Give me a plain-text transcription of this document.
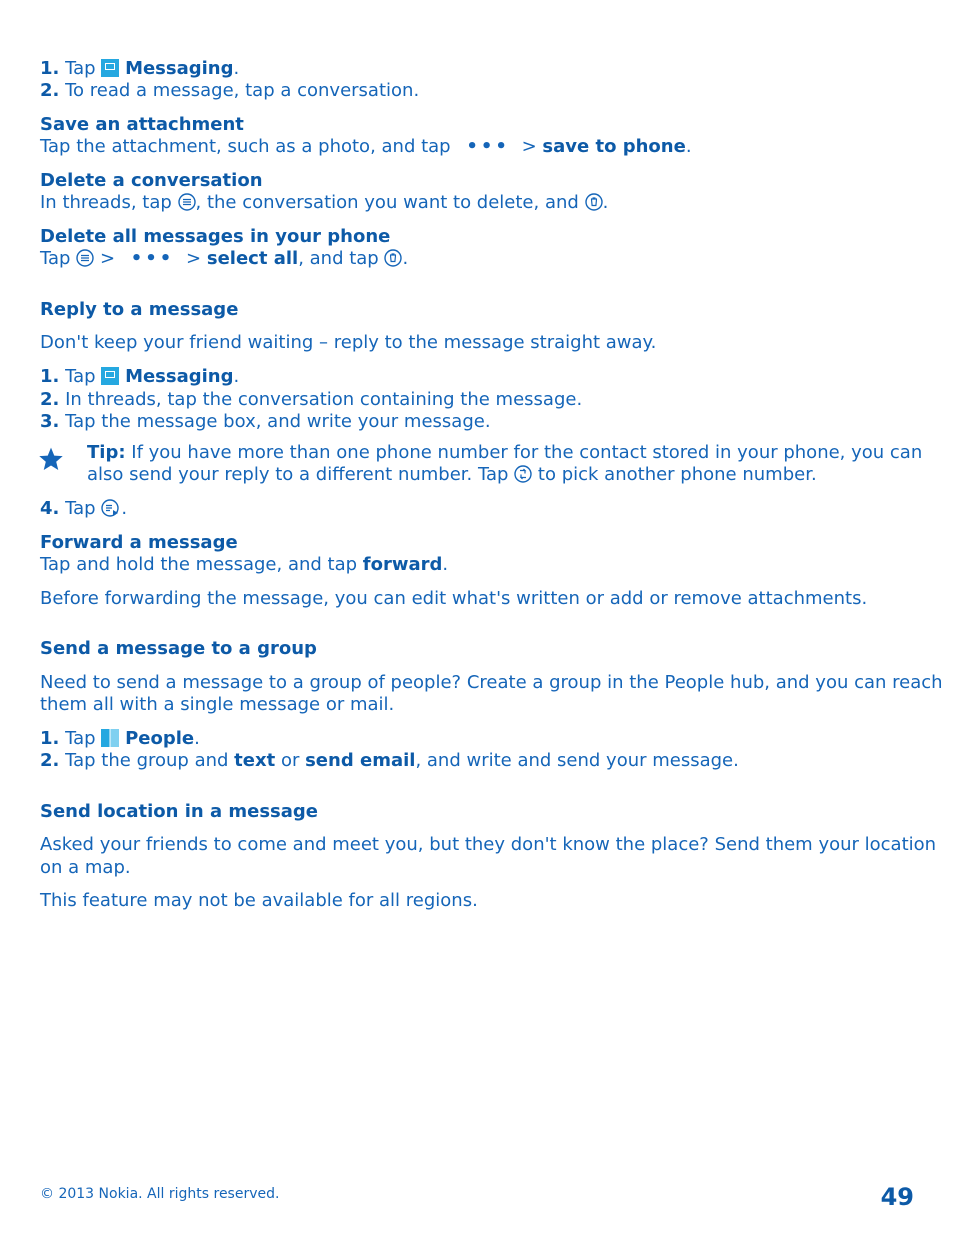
1. Tap Messaging.
2. To read a message, tap a conversation.
Save an attachment
Tap the attachment, such as a photo, and tap ••• > save to phone.
Delete a conversation
In threads, tap , the conversation you want to delete, and .
Delete all messages in your phone
Tap > ••• > select all, and tap .
Reply to a message
Don't keep your friend waiting – reply to the message straight away.
1. Tap Messaging.
2. In threads, tap the conversation containing the message.
3. Tap the message box, and write your message.
Tip: If you have more than one phone number for the contact stored in your phone, you can
also send your reply to a different number. Tap to pick another phone number.
4. Tap .
Forward a message
Tap and hold the message, and tap forward.
Before forwarding the message, you can edit what's written or add or remove attachments.
Send a message to a group
Need to send a message to a group of people? Create a group in the People hub, and you can reach
them all with a single message or mail.
1. Tap People.
2. Tap the group and text or send email, and write and send your message.
Send location in a message
Asked your friends to come and meet you, but they don't know the place? Send them your location
on a map.
This feature may not be available for all regions.
© 2013 Nokia. All rights reserved.	49
